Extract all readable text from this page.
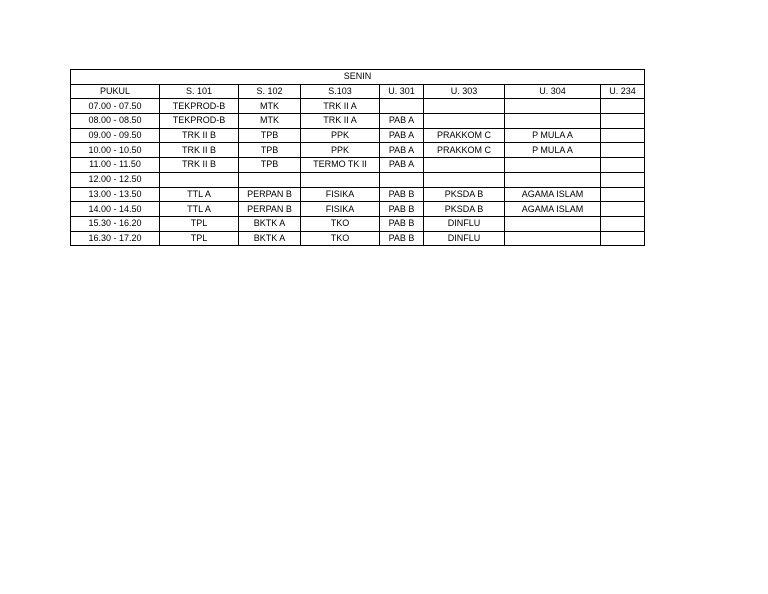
SENIN							
PUKUL	S. 101	S. 102	S.103	U. 301	U. 303	U. 304	U. 234
07.00 - 07.50	TEKPROD-B	MTK	TRK II A				
08.00 - 08.50	TEKPROD-B	MTK	TRK II A	PAB A			
09.00 - 09.50	TRK II B	TPB	PPK	PAB A	PRAKKOM C	P MULA A	
10.00 - 10.50	TRK II B	TPB	PPK	PAB A	PRAKKOM C	P MULA A	
11.00 - 11.50	TRK II B	TPB	TERMO TK II	PAB A			
12.00 - 12.50							
13.00 - 13.50	TTL A	PERPAN B	FISIKA	PAB B	PKSDA B	AGAMA ISLAM	
14.00 - 14.50	TTL A	PERPAN B	FISIKA	PAB B	PKSDA B	AGAMA ISLAM	
15.30 - 16.20	TPL	BKTK A	TKO	PAB B	DINFLU		
16.30 - 17.20	TPL	BKTK A	TKO	PAB B	DINFLU		
